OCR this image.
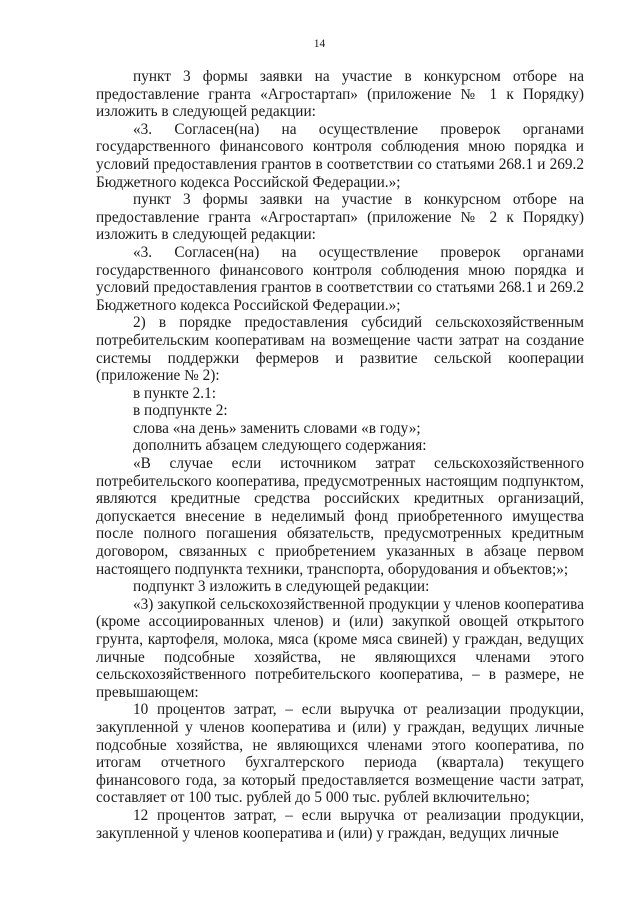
14

пункт 3 формы заявки на участие в конкурсном отборе на предоставление гранта «Агростартап» (приложение № 1 к Порядку) изложить в следующей редакции:

«3. Согласен(на) на осуществление проверок органами государственного финансового контроля соблюдения мною порядка и условий предоставления грантов в соответствии со статьями 268.1 и 269.2 Бюджетного кодекса Российской Федерации.»;

пункт 3 формы заявки на участие в конкурсном отборе на предоставление гранта «Агростартап» (приложение № 2 к Порядку) изложить в следующей редакции:

«3. Согласен(на) на осуществление проверок органами государственного финансового контроля соблюдения мною порядка и условий предоставления грантов в соответствии со статьями 268.1 и 269.2 Бюджетного кодекса Российской Федерации.»;

2) в порядке предоставления субсидий сельскохозяйственным потребительским кооперативам на возмещение части затрат на создание системы поддержки фермеров и развитие сельской кооперации (приложение № 2):

в пункте 2.1:

в подпункте 2:

слова «на день» заменить словами «в году»;

дополнить абзацем следующего содержания:

«В случае если источником затрат сельскохозяйственного потребительского кооператива, предусмотренных настоящим подпунктом, являются кредитные средства российских кредитных организаций, допускается внесение в неделимый фонд приобретенного имущества после полного погашения обязательств, предусмотренных кредитным договором, связанных с приобретением указанных в абзаце первом настоящего подпункта техники, транспорта, оборудования и объектов;»;

подпункт 3 изложить в следующей редакции:

«3) закупкой сельскохозяйственной продукции у членов кооператива (кроме ассоциированных членов) и (или) закупкой овощей открытого грунта, картофеля, молока, мяса (кроме мяса свиней) у граждан, ведущих личные подсобные хозяйства, не являющихся членами этого сельскохозяйственного потребительского кооператива, – в размере, не превышающем:

10 процентов затрат, – если выручка от реализации продукции, закупленной у членов кооператива и (или) у граждан, ведущих личные подсобные хозяйства, не являющихся членами этого кооператива, по итогам отчетного бухгалтерского периода (квартала) текущего финансового года, за который предоставляется возмещение части затрат, составляет от 100 тыс. рублей до 5 000 тыс. рублей включительно;

12 процентов затрат, – если выручка от реализации продукции, закупленной у членов кооператива и (или) у граждан, ведущих личные
